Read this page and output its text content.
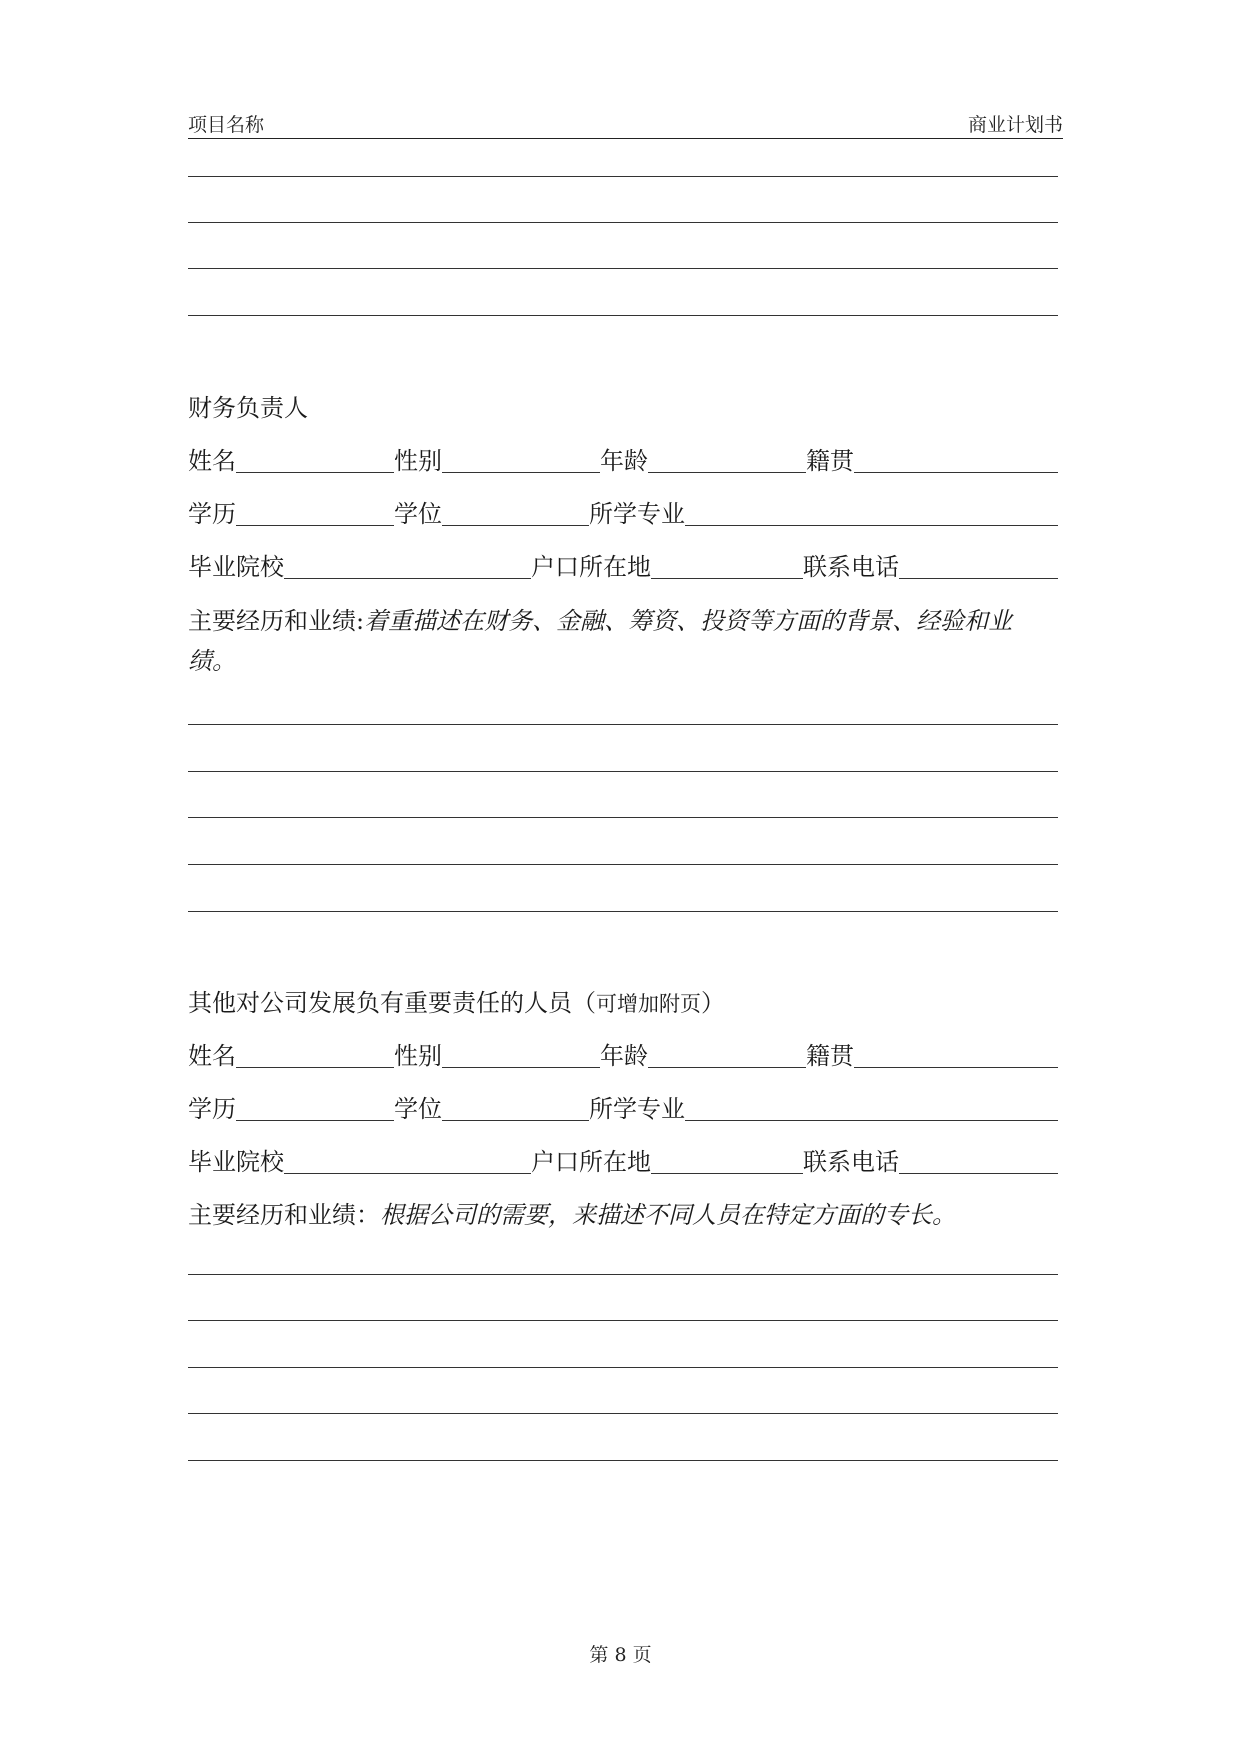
项目名称	商业计划书
财务负责人
姓名	性别	年龄	籍贯
学历	学位	所学专业
毕业院校	户口所在地	联系电话
主要经历和业绩:着重描述在财务、金融、筹资、投资等方面的背景、经验和业
绩。
其他对公司发展负有重要责任的人员（可增加附页）
姓名	性别	年龄	籍贯
学历	学位	所学专业
毕业院校	户口所在地	联系电话
主要经历和业绩：根据公司的需要，来描述不同人员在特定方面的专长。
第 8 页
